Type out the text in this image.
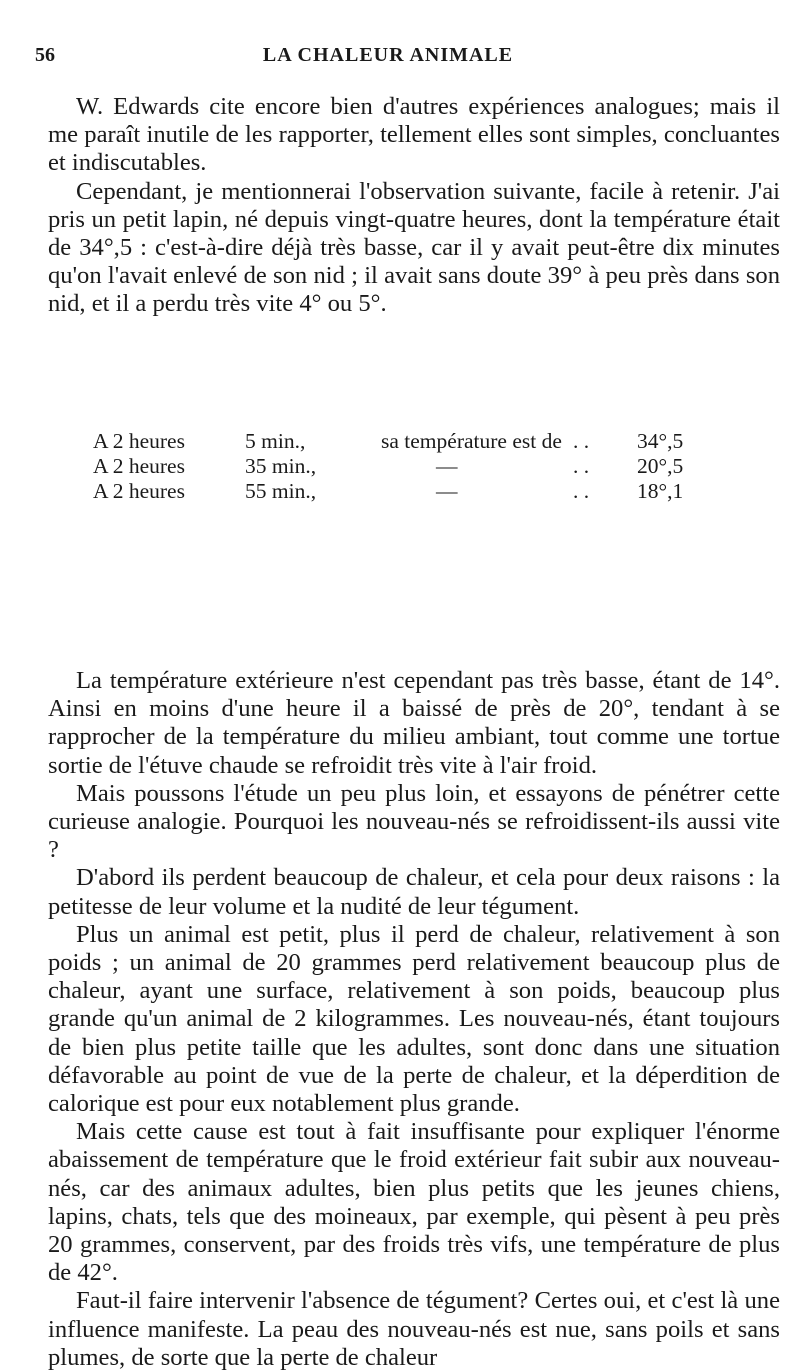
56	LA CHALEUR ANIMALE

W. Edwards cite encore bien d'autres expériences analogues; mais il me paraît inutile de les rapporter, tellement elles sont simples, concluantes et indiscutables.

Cependant, je mentionnerai l'observation suivante, facile à retenir. J'ai pris un petit lapin, né depuis vingt-quatre heures, dont la température était de 34°,5 : c'est-à-dire déjà très basse, car il y avait peut-être dix minutes qu'on l'avait enlevé de son nid ; il avait sans doute 39° à peu près dans son nid, et il a perdu très vite 4° ou 5°.

A 2 heures	5 min.,	sa température est de . . 34°,5
A 2 heures	35 min.,	—	. . 20°,5
A 2 heures	55 min.,	—	. . 18°,1

La température extérieure n'est cependant pas très basse, étant de 14°. Ainsi en moins d'une heure il a baissé de près de 20°, tendant à se rapprocher de la température du milieu ambiant, tout comme une tortue sortie de l'étuve chaude se refroidit très vite à l'air froid.

Mais poussons l'étude un peu plus loin, et essayons de pénétrer cette curieuse analogie. Pourquoi les nouveau-nés se refroidissent-ils aussi vite ?

D'abord ils perdent beaucoup de chaleur, et cela pour deux raisons : la petitesse de leur volume et la nudité de leur tégument.

Plus un animal est petit, plus il perd de chaleur, relativement à son poids ; un animal de 20 grammes perd relativement beaucoup plus de chaleur, ayant une surface, relativement à son poids, beaucoup plus grande qu'un animal de 2 kilogrammes. Les nouveau-nés, étant toujours de bien plus petite taille que les adultes, sont donc dans une situation défavorable au point de vue de la perte de chaleur, et la déperdition de calorique est pour eux notablement plus grande.

Mais cette cause est tout à fait insuffisante pour expliquer l'énorme abaissement de température que le froid extérieur fait subir aux nouveau-nés, car des animaux adultes, bien plus petits que les jeunes chiens, lapins, chats, tels que des moineaux, par exemple, qui pèsent à peu près 20 grammes, conservent, par des froids très vifs, une température de plus de 42°.

Faut-il faire intervenir l'absence de tégument? Certes oui, et c'est là une influence manifeste. La peau des nouveau-nés est nue, sans poils et sans plumes, de sorte que la perte de chaleur
